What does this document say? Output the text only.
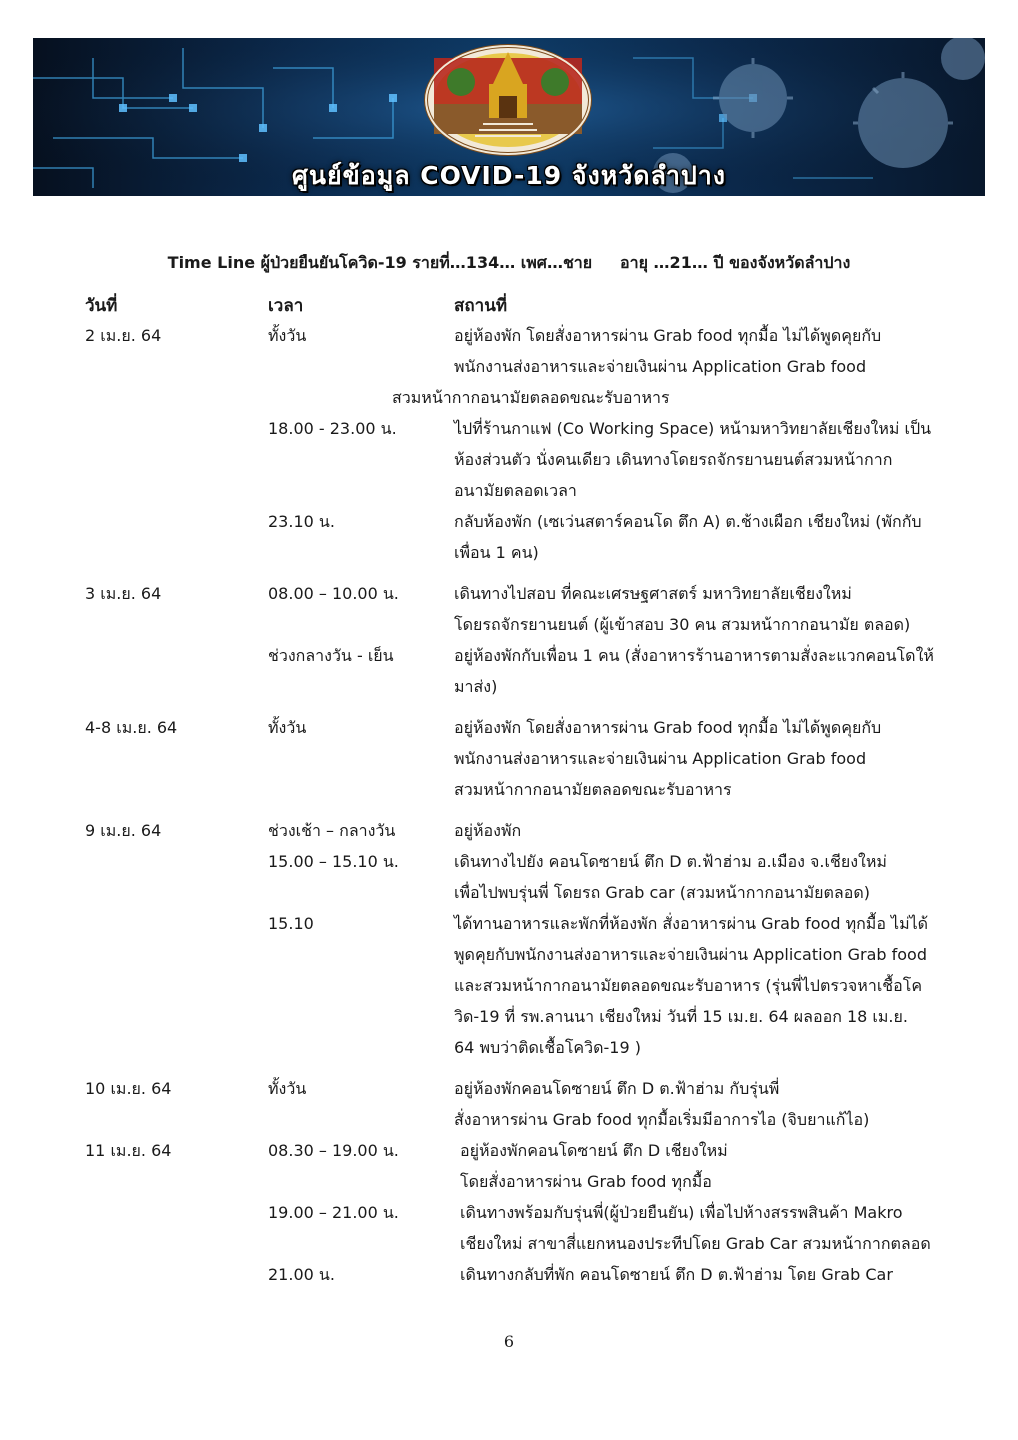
ศูนย์ข้อมูล COVID-19 จังหวัดลำปาง
Time Line ผู้ป่วยยืนยันโควิด-19 รายที่…134… เพศ…ชาย     อายุ …21… ปี ของจังหวัดลำปาง
วันที่	เวลา	สถานที่
2 เม.ย. 64	ทั้งวัน	อยู่ห้องพัก โดยสั่งอาหารผ่าน Grab food ทุกมื้อ ไม่ได้พูดคุยกับ
พนักงานส่งอาหารและจ่ายเงินผ่าน Application Grab food
สวมหน้ากากอนามัยตลอดขณะรับอาหาร
18.00 - 23.00 น.	ไปที่ร้านกาแฟ (Co Working Space) หน้ามหาวิทยาลัยเชียงใหม่ เป็น
ห้องส่วนตัว นั่งคนเดียว เดินทางโดยรถจักรยานยนต์สวมหน้ากาก
อนามัยตลอดเวลา
23.10 น.	กลับห้องพัก (เซเว่นสตาร์คอนโด ตึก A) ต.ช้างเผือก เชียงใหม่ (พักกับ
เพื่อน 1 คน)
3 เม.ย. 64	08.00 – 10.00 น.	เดินทางไปสอบ ที่คณะเศรษฐศาสตร์ มหาวิทยาลัยเชียงใหม่
โดยรถจักรยานยนต์ (ผู้เข้าสอบ 30 คน สวมหน้ากากอนามัย ตลอด)
ช่วงกลางวัน - เย็น	อยู่ห้องพักกับเพื่อน 1 คน (สั่งอาหารร้านอาหารตามสั่งละแวกคอนโดให้
มาส่ง)
4-8 เม.ย. 64	ทั้งวัน	อยู่ห้องพัก โดยสั่งอาหารผ่าน Grab food ทุกมื้อ ไม่ได้พูดคุยกับ
พนักงานส่งอาหารและจ่ายเงินผ่าน Application Grab food
สวมหน้ากากอนามัยตลอดขณะรับอาหาร
9 เม.ย. 64	ช่วงเช้า – กลางวัน	อยู่ห้องพัก
15.00 – 15.10 น.	เดินทางไปยัง คอนโดซายน์ ตึก D ต.ฟ้าฮ่าม อ.เมือง จ.เชียงใหม่
เพื่อไปพบรุ่นพี่ โดยรถ Grab car (สวมหน้ากากอนามัยตลอด)
15.10	ได้ทานอาหารและพักที่ห้องพัก สั่งอาหารผ่าน Grab food ทุกมื้อ ไม่ได้
พูดคุยกับพนักงานส่งอาหารและจ่ายเงินผ่าน Application Grab food
และสวมหน้ากากอนามัยตลอดขณะรับอาหาร (รุ่นพี่ไปตรวจหาเชื้อโค
วิด-19 ที่ รพ.ลานนา เชียงใหม่ วันที่ 15 เม.ย. 64 ผลออก 18 เม.ย.
64 พบว่าติดเชื้อโควิด-19 )
10 เม.ย. 64	ทั้งวัน	อยู่ห้องพักคอนโดซายน์ ตึก D ต.ฟ้าฮ่าม กับรุ่นพี่
สั่งอาหารผ่าน Grab food ทุกมื้อเริ่มมีอาการไอ (จิบยาแก้ไอ)
11 เม.ย. 64	08.30 – 19.00 น.	อยู่ห้องพักคอนโดซายน์ ตึก D เชียงใหม่
โดยสั่งอาหารผ่าน Grab food ทุกมื้อ
19.00 – 21.00 น.	เดินทางพร้อมกับรุ่นพี่(ผู้ป่วยยืนยัน) เพื่อไปห้างสรรพสินค้า Makro
เชียงใหม่ สาขาสี่แยกหนองประทีปโดย Grab Car สวมหน้ากากตลอด
21.00 น.	เดินทางกลับที่พัก คอนโดซายน์ ตึก D ต.ฟ้าฮ่าม โดย Grab Car
6
